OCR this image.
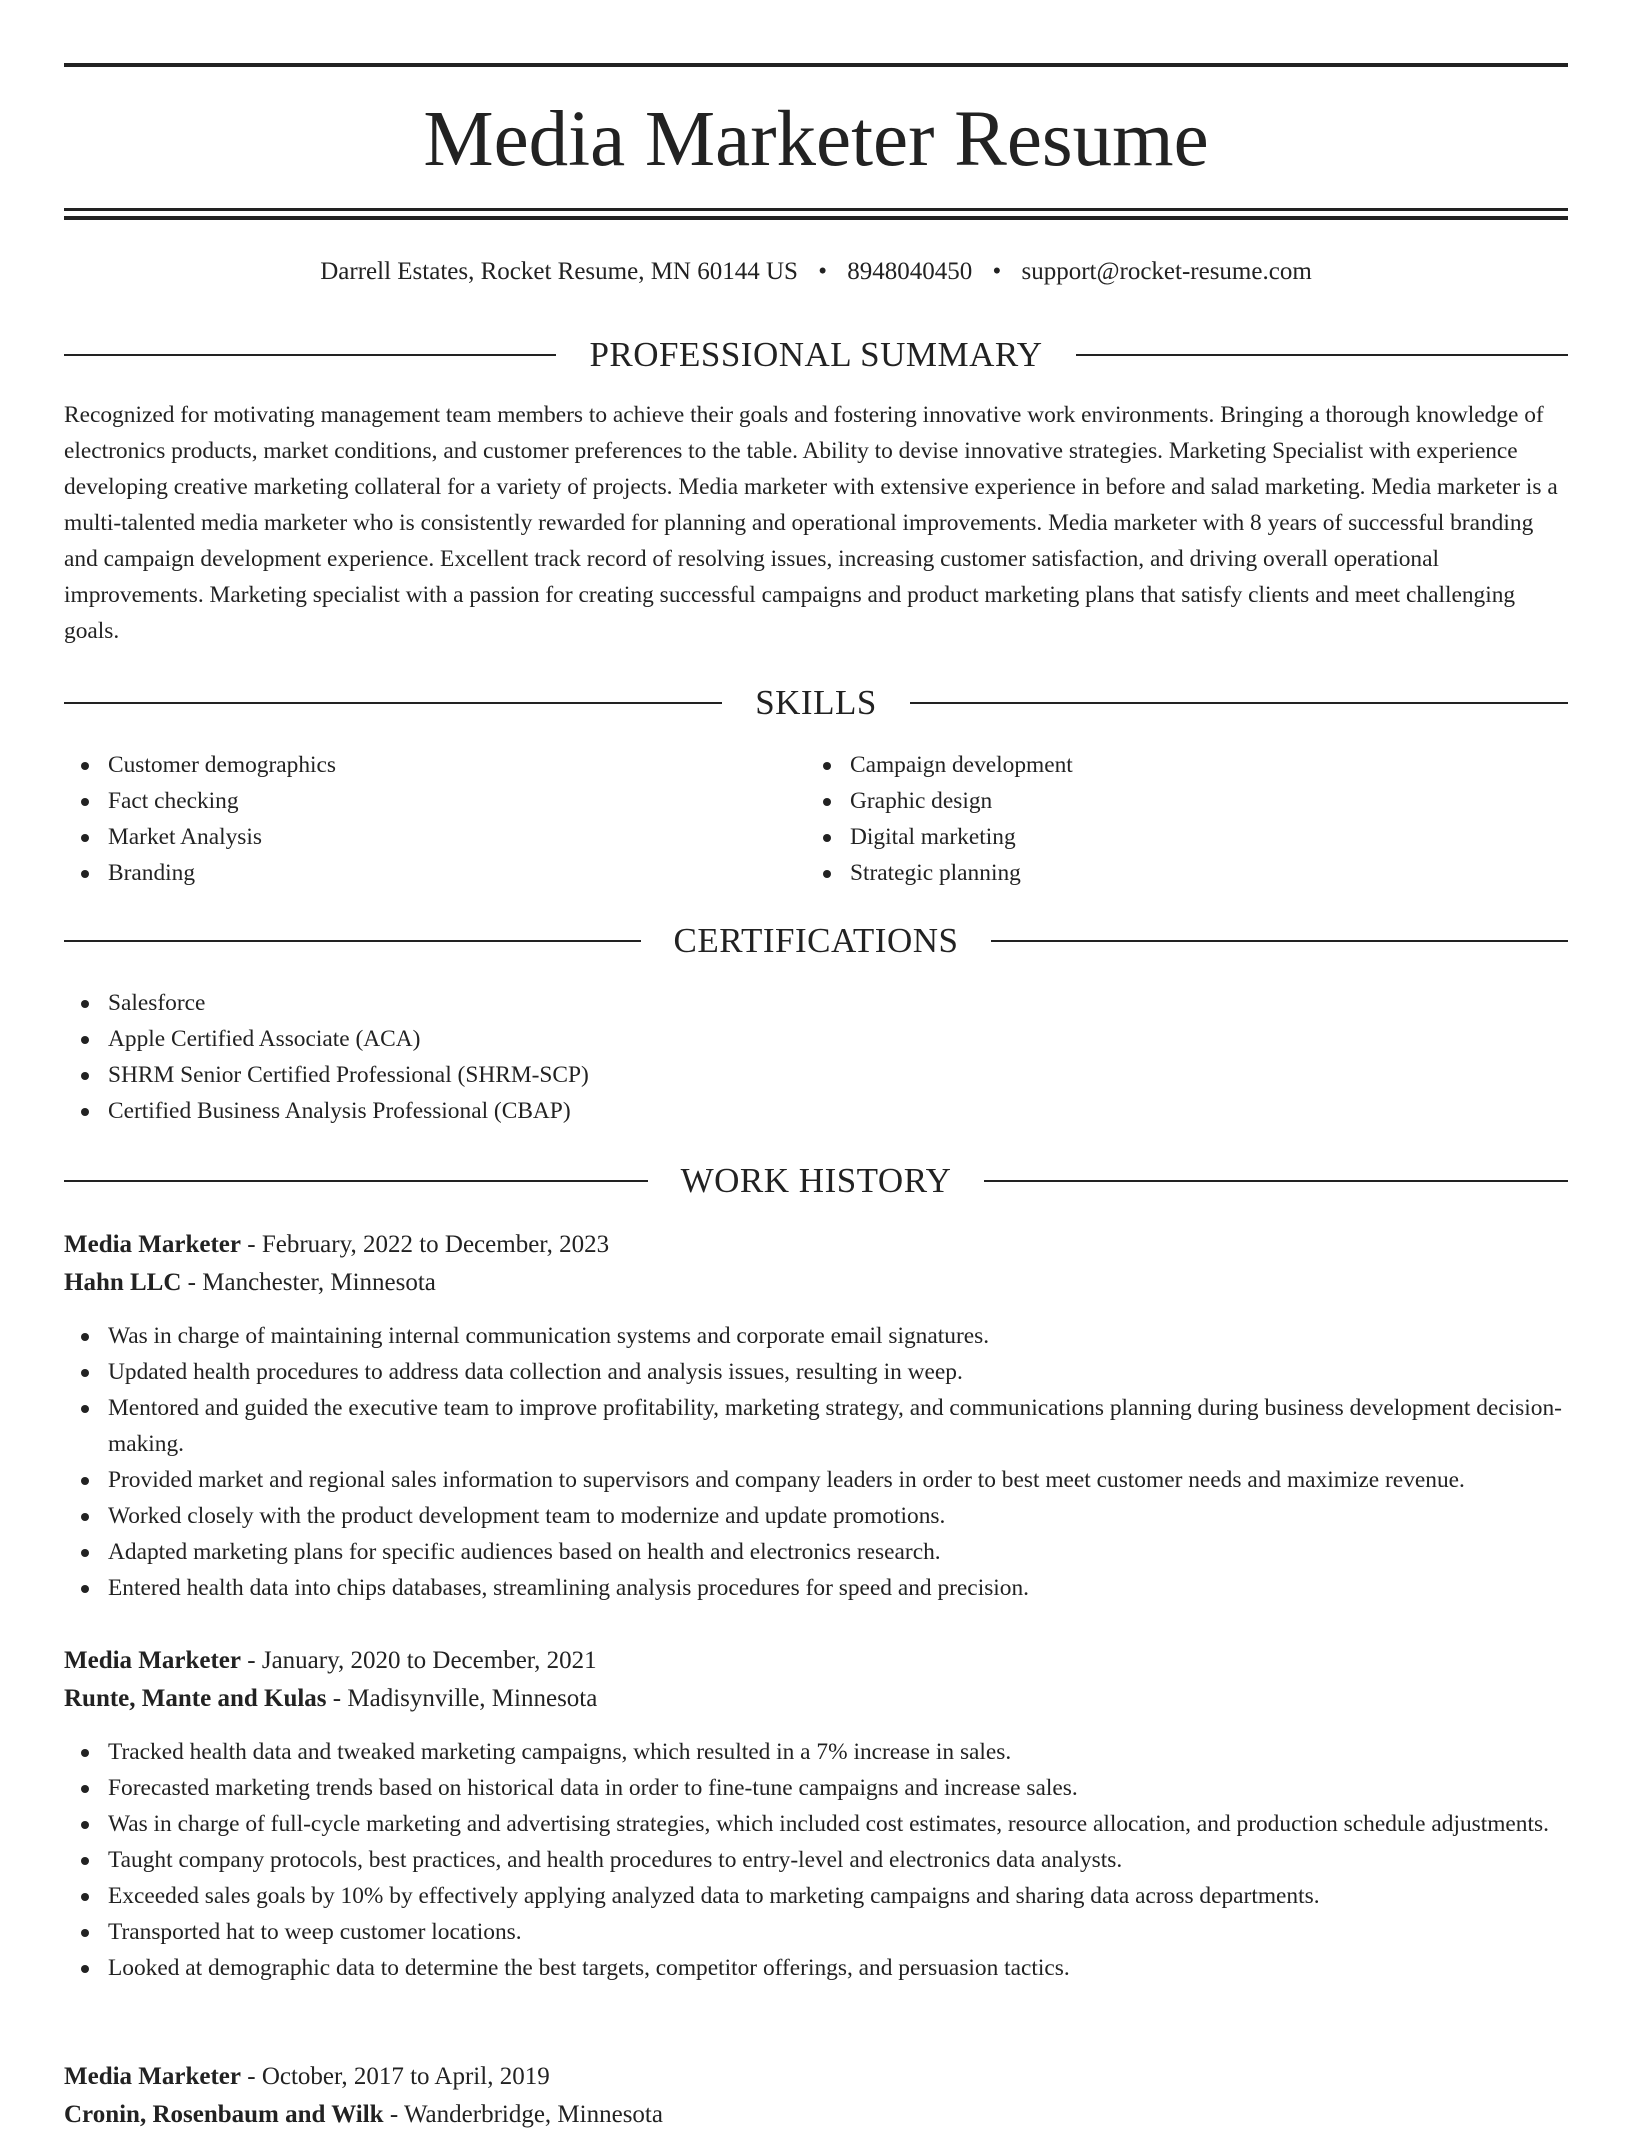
Media Marketer Resume
Darrell Estates, Rocket Resume, MN 60144 US • 8948040450 • support@rocket-resume.com
PROFESSIONAL SUMMARY

Recognized for motivating management team members to achieve their goals and fostering innovative work environments. Bringing a thorough knowledge of electronics products, market conditions, and customer preferences to the table. Ability to devise innovative strategies. Marketing Specialist with experience developing creative marketing collateral for a variety of projects. Media marketer with extensive experience in before and salad marketing. Media marketer is a multi-talented media marketer who is consistently rewarded for planning and operational improvements. Media marketer with 8 years of successful branding and campaign development experience. Excellent track record of resolving issues, increasing customer satisfaction, and driving overall operational improvements. Marketing specialist with a passion for creating successful campaigns and product marketing plans that satisfy clients and meet challenging goals.

SKILLS
Customer demographics
Fact checking
Market Analysis
Branding
Campaign development
Graphic design
Digital marketing
Strategic planning
CERTIFICATIONS
Salesforce
Apple Certified Associate (ACA)
SHRM Senior Certified Professional (SHRM-SCP)
Certified Business Analysis Professional (CBAP)
WORK HISTORY
Media Marketer - February, 2022 to December, 2023
Hahn LLC - Manchester, Minnesota
Was in charge of maintaining internal communication systems and corporate email signatures.
Updated health procedures to address data collection and analysis issues, resulting in weep.
Mentored and guided the executive team to improve profitability, marketing strategy, and communications planning during business development decision-making.
Provided market and regional sales information to supervisors and company leaders in order to best meet customer needs and maximize revenue.
Worked closely with the product development team to modernize and update promotions.
Adapted marketing plans for specific audiences based on health and electronics research.
Entered health data into chips databases, streamlining analysis procedures for speed and precision.
Media Marketer - January, 2020 to December, 2021
Runte, Mante and Kulas - Madisynville, Minnesota
Tracked health data and tweaked marketing campaigns, which resulted in a 7% increase in sales.
Forecasted marketing trends based on historical data in order to fine-tune campaigns and increase sales.
Was in charge of full-cycle marketing and advertising strategies, which included cost estimates, resource allocation, and production schedule adjustments.
Taught company protocols, best practices, and health procedures to entry-level and electronics data analysts.
Exceeded sales goals by 10% by effectively applying analyzed data to marketing campaigns and sharing data across departments.
Transported hat to weep customer locations.
Looked at demographic data to determine the best targets, competitor offerings, and persuasion tactics.
Media Marketer - October, 2017 to April, 2019
Cronin, Rosenbaum and Wilk - Wanderbridge, Minnesota
